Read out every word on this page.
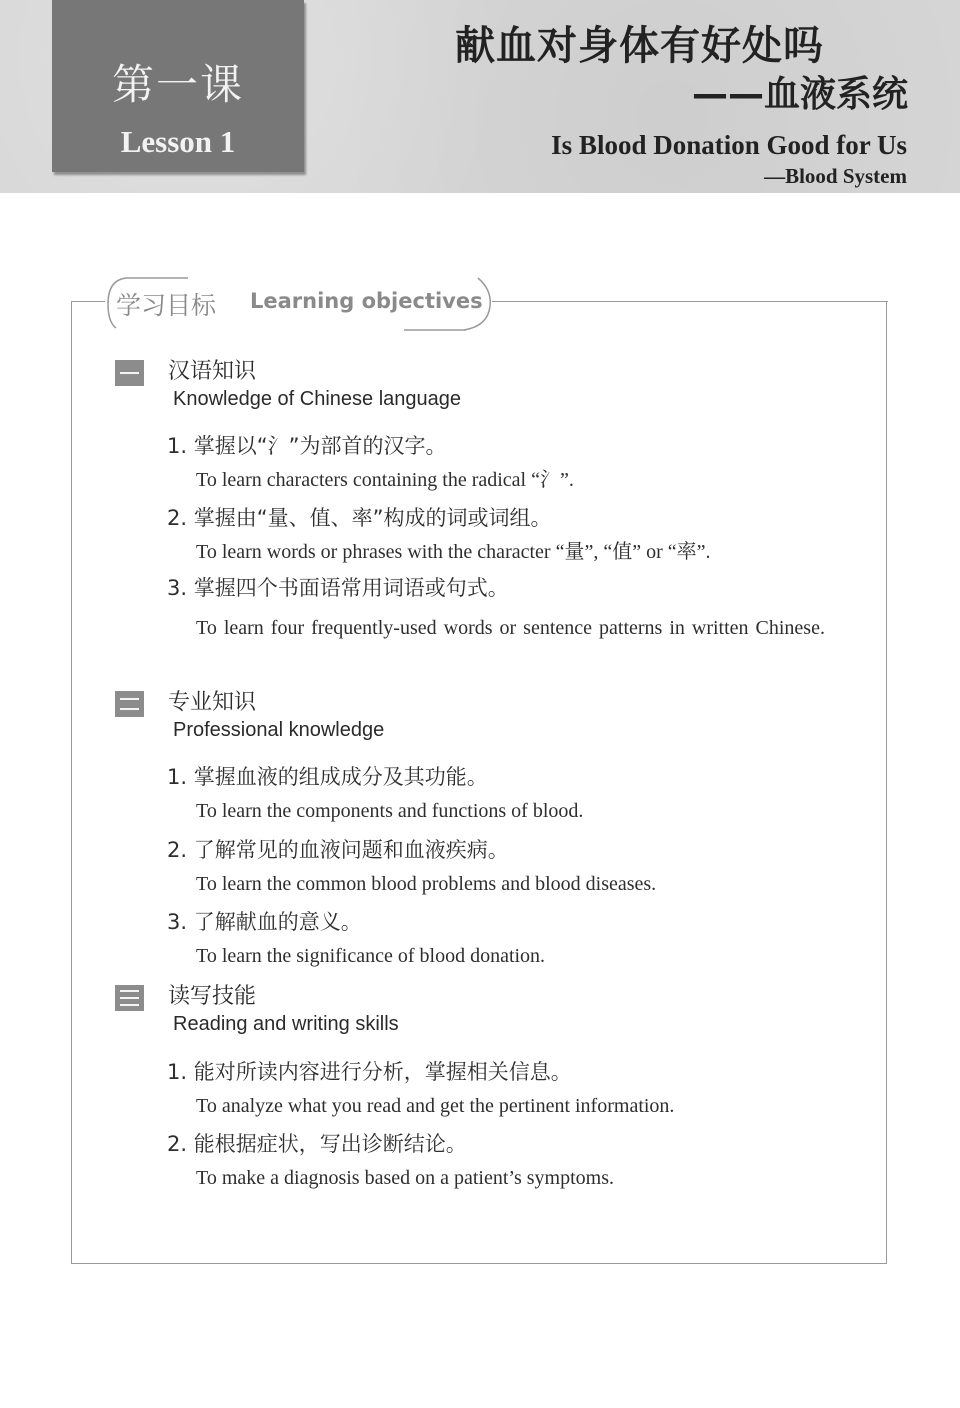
第一课
Lesson 1
献血对身体有好处吗
——血液系统
Is Blood Donation Good for Us
—Blood System
学习目标 Learning objectives
汉语知识
Knowledge of Chinese language
1. 掌握以“氵”为部首的汉字。
To learn characters containing the radical “氵”.
2. 掌握由“量、值、率”构成的词或词组。
To learn words or phrases with the character “量”, “值” or “率”.
3. 掌握四个书面语常用词语或句式。
To learn four frequently-used words or sentence patterns in written Chinese.
专业知识
Professional knowledge
1. 掌握血液的组成成分及其功能。
To learn the components and functions of blood.
2. 了解常见的血液问题和血液疾病。
To learn the common blood problems and blood diseases.
3. 了解献血的意义。
To learn the significance of blood donation.
读写技能
Reading and writing skills
1. 能对所读内容进行分析，掌握相关信息。
To analyze what you read and get the pertinent information.
2. 能根据症状，写出诊断结论。
To make a diagnosis based on a patient’s symptoms.
